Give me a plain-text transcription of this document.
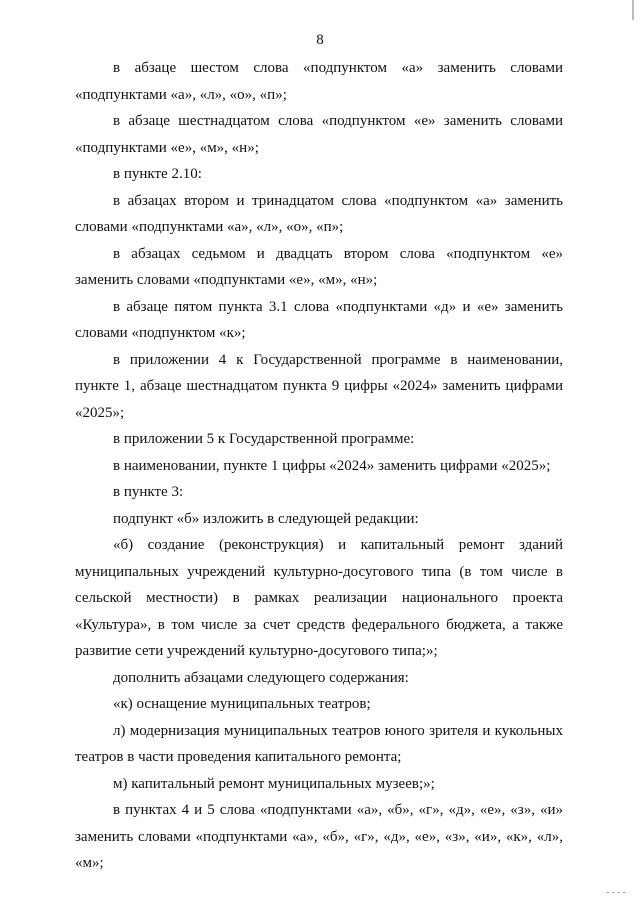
8

в абзаце шестом слова «подпунктом «а» заменить словами «подпунктами «а», «л», «о», «п»;

в абзаце шестнадцатом слова «подпунктом «е» заменить словами «подпунктами «е», «м», «н»;

в пункте 2.10:

в абзацах втором и тринадцатом слова «подпунктом «а» заменить словами «подпунктами «а», «л», «о», «п»;

в абзацах седьмом и двадцать втором слова «подпунктом «е» заменить словами «подпунктами «е», «м», «н»;

в абзаце пятом пункта 3.1 слова «подпунктами «д» и «е» заменить словами «подпунктом «к»;

в приложении 4 к Государственной программе в наименовании, пункте 1, абзаце шестнадцатом пункта 9 цифры «2024» заменить цифрами «2025»;

в приложении 5 к Государственной программе:

в наименовании, пункте 1 цифры «2024» заменить цифрами «2025»;

в пункте 3:

подпункт «б» изложить в следующей редакции:

«б) создание (реконструкция) и капитальный ремонт зданий муниципальных учреждений культурно-досугового типа (в том числе в сельской местности) в рамках реализации национального проекта «Культура», в том числе за счет средств федерального бюджета, а также развитие сети учреждений культурно-досугового типа;»;

дополнить абзацами следующего содержания:

«к) оснащение муниципальных театров;

л) модернизация муниципальных театров юного зрителя и кукольных театров в части проведения капитального ремонта;

м) капитальный ремонт муниципальных музеев;»;

в пунктах 4 и 5 слова «подпунктами «а», «б», «г», «д», «е», «з», «и» заменить словами «подпунктами «а», «б», «г», «д», «е», «з», «и», «к», «л», «м»;
